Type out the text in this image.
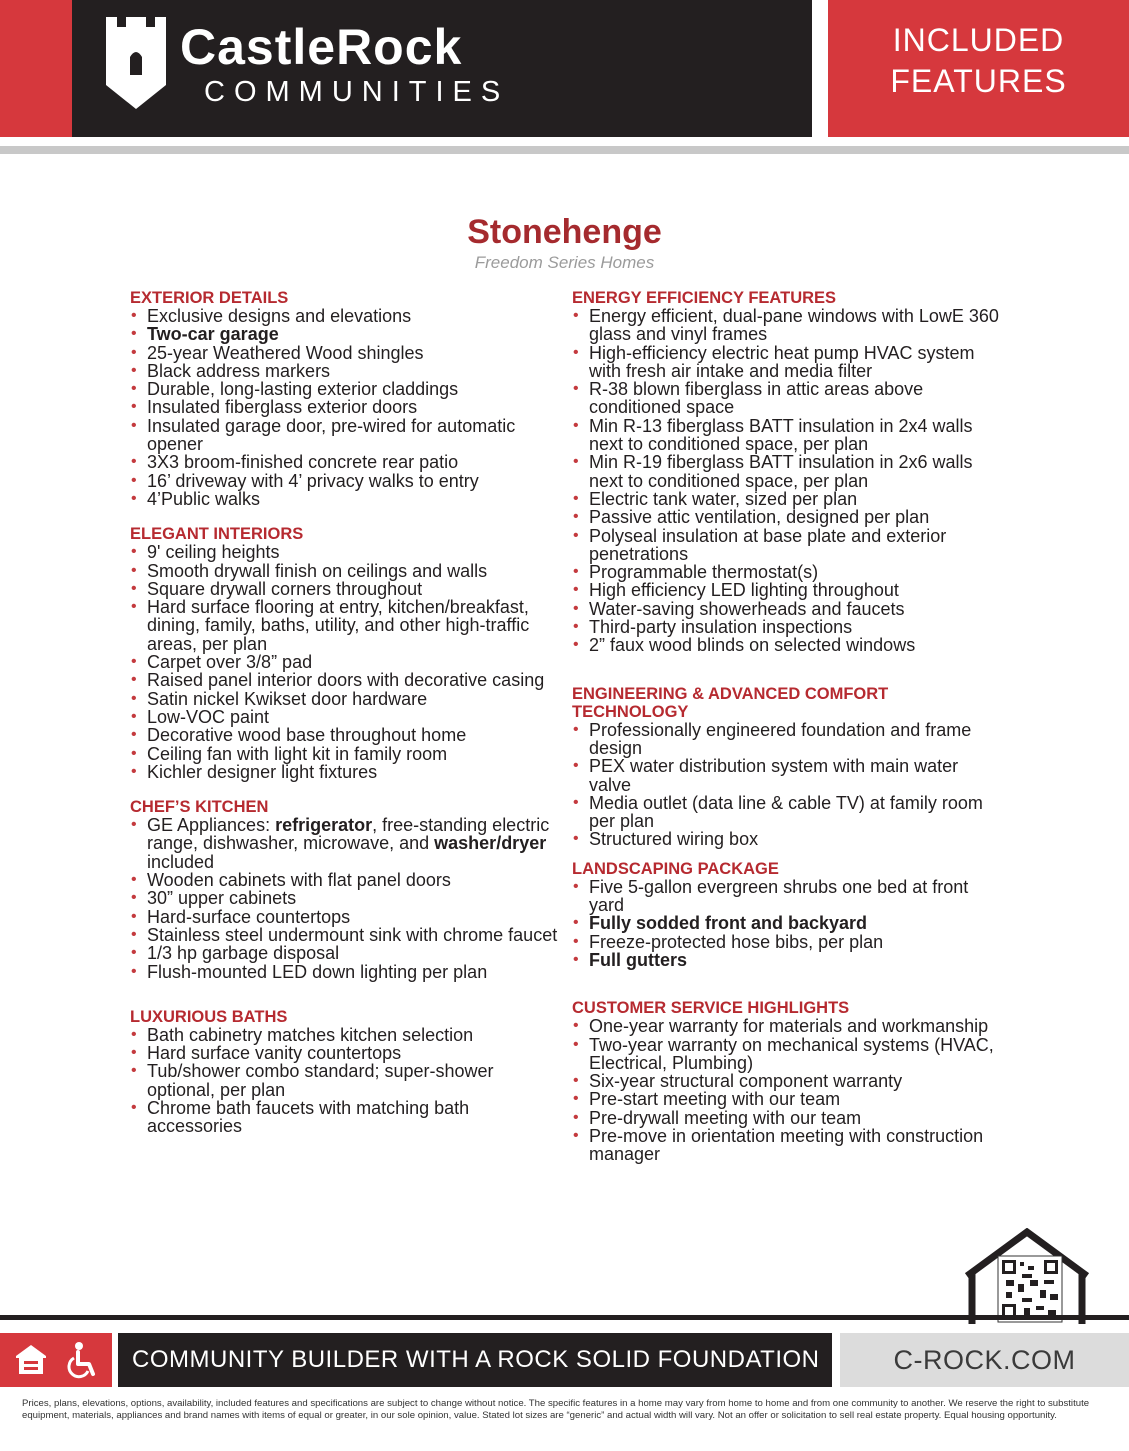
CastleRock
COMMUNITIES
INCLUDED
FEATURES
Stonehenge
Freedom Series Homes
EXTERIOR DETAILS
• Exclusive designs and elevations
• Two-car garage
• 25-year Weathered Wood shingles
• Black address markers
• Durable, long-lasting exterior claddings
• Insulated fiberglass exterior doors
• Insulated garage door, pre-wired for automatic opener
• 3X3 broom-finished concrete rear patio
• 16’ driveway with 4’ privacy walks to entry
• 4’Public walks
ELEGANT INTERIORS
• 9' ceiling heights
• Smooth drywall finish on ceilings and walls
• Square drywall corners throughout
• Hard surface flooring at entry, kitchen/breakfast, dining, family, baths, utility, and other high-traffic areas, per plan
• Carpet over 3/8” pad
• Raised panel interior doors with decorative casing
• Satin nickel Kwikset door hardware
• Low-VOC paint
• Decorative wood base throughout home
• Ceiling fan with light kit in family room
• Kichler designer light fixtures
CHEF’S KITCHEN
• GE Appliances: refrigerator, free-standing electric range, dishwasher, microwave, and washer/dryer included
• Wooden cabinets with flat panel doors
• 30” upper cabinets
• Hard-surface countertops
• Stainless steel undermount sink with chrome faucet
• 1/3 hp garbage disposal
• Flush-mounted LED down lighting per plan
LUXURIOUS BATHS
• Bath cabinetry matches kitchen selection
• Hard surface vanity countertops
• Tub/shower combo standard; super-shower optional, per plan
• Chrome bath faucets with matching bath accessories
ENERGY EFFICIENCY FEATURES
• Energy efficient, dual-pane windows with LowE 360 glass and vinyl frames
• High-efficiency electric heat pump HVAC system with fresh air intake and media filter
• R-38 blown fiberglass in attic areas above conditioned space
• Min R-13 fiberglass BATT insulation in 2x4 walls next to conditioned space, per plan
• Min R-19 fiberglass BATT insulation in 2x6 walls next to conditioned space, per plan
• Electric tank water, sized per plan
• Passive attic ventilation, designed per plan
• Polyseal insulation at base plate and exterior penetrations
• Programmable thermostat(s)
• High efficiency LED lighting throughout
• Water-saving showerheads and faucets
• Third-party insulation inspections
• 2” faux wood blinds on selected windows
ENGINEERING & ADVANCED COMFORT TECHNOLOGY
• Professionally engineered foundation and frame design
• PEX water distribution system with main water valve
• Media outlet (data line & cable TV) at family room per plan
• Structured wiring box
LANDSCAPING PACKAGE
• Five 5-gallon evergreen shrubs one bed at front yard
• Fully sodded front and backyard
• Freeze-protected hose bibs, per plan
• Full gutters
CUSTOMER SERVICE HIGHLIGHTS
• One-year warranty for materials and workmanship
• Two-year warranty on mechanical systems (HVAC, Electrical, Plumbing)
• Six-year structural component warranty
• Pre-start meeting with our team
• Pre-drywall meeting with our team
• Pre-move in orientation meeting with construction manager
COMMUNITY BUILDER WITH A ROCK SOLID FOUNDATION	C-ROCK.COM
Prices, plans, elevations, options, availability, included features and specifications are subject to change without notice. The specific features in a home may vary from home to home and from one community to another. We reserve the right to substitute equipment, materials, appliances and brand names with items of equal or greater, in our sole opinion, value. Stated lot sizes are “generic” and actual width will vary. Not an offer or solicitation to sell real estate property. Equal housing opportunity.
